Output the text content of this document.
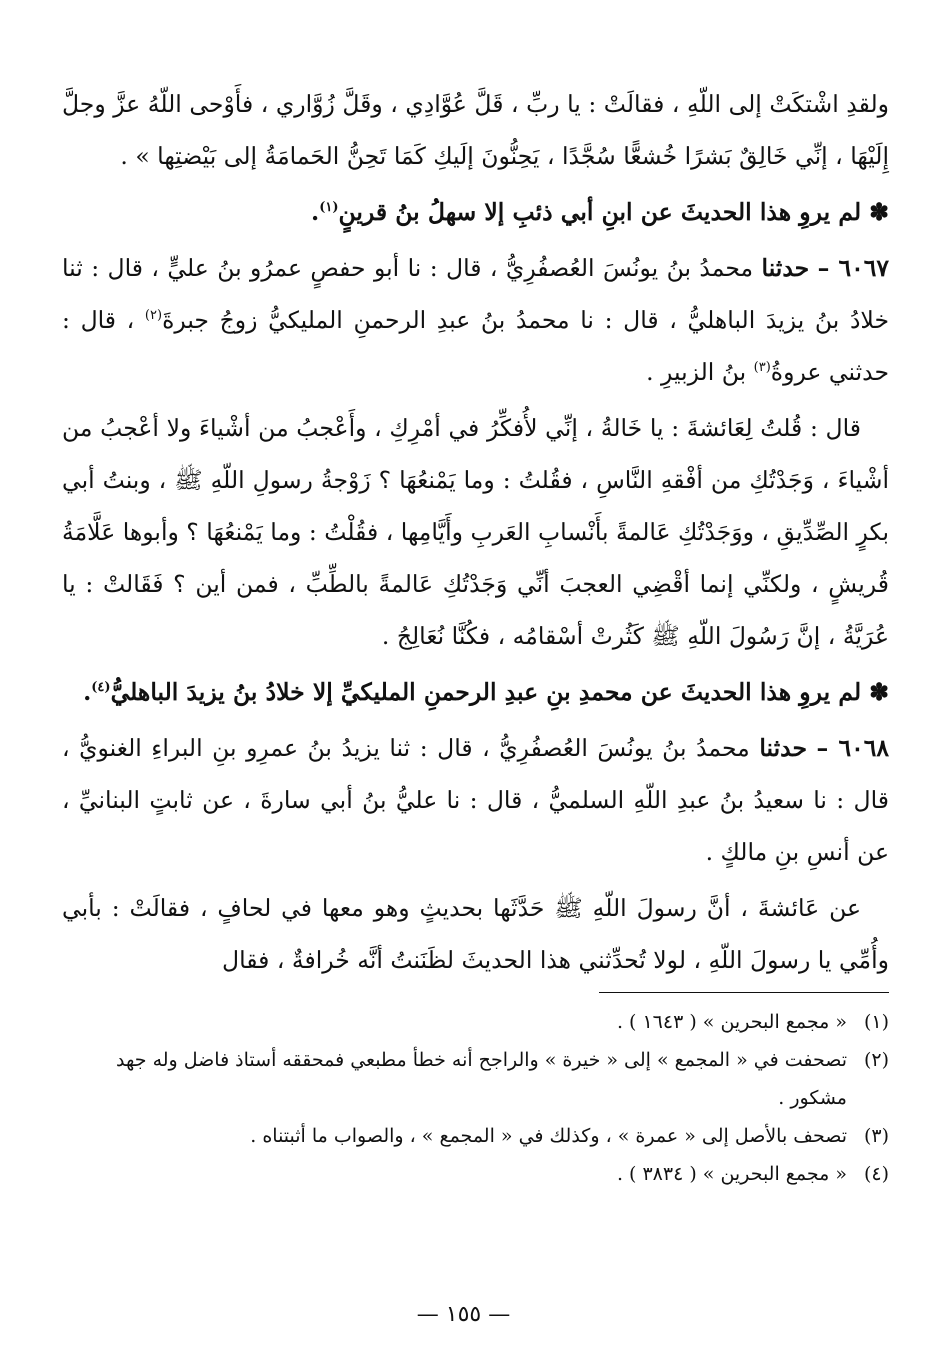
ولقدِ اشْتكَتْ إلى اللّهِ ، فقالَتْ : يا ربِّ ، قَلَّ عُوَّادِي ، وقَلَّ زُوَّاري ، فأَوْحى اللّهُ عزَّ وجلَّ إِلَيْهَا ، إنِّي خَالِقٌ بَشرًا خُشعًّا سُجَّدًا ، يَحِنُّونَ إلَيكِ كَمَا تَحِنُّ الحَمامَةُ إلى بَيْضتِها » .

✽ لم يروِ هذا الحديثَ عن ابنِ أبي ذئبِ إلا سهلُ بنُ قرينٍ$^{(١)}$.

٦٠٦٧ – حدثنا محمدُ بنُ يونُسَ العُصفُرِيُّ ، قال : نا أبو حفصٍ عمرُو بنُ عليٍّ ، قال : ثنا خلادُ بنُ يزيدَ الباهليُّ ، قال : نا محمدُ بنُ عبدِ الرحمنِ المليكيُّ زوجُ جبرةَ$^{(٢)}$ ، قال : حدثني عروةُ$^{(٣)}$ بنُ الزبيرِ .

قال : قُلتُ لِعَائشةَ : يا خَالةُ ، إنِّي لأُفكِّرُ في أمْرِكِ ، وأَعْجبُ من أشْياءَ ولا أعْجبُ من أشْياءَ ، وَجَدْتُكِ من أفْقهِ النَّاسِ ، فقُلتُ : وما يَمْنعُهَا ؟ زَوْجةُ رسولِ اللّهِ ﷺ ، وبنتُ أبي بكرٍ الصِّدِّيقِ ، ووَجَدْتُكِ عَالمةً بأَنْسابِ العَربِ وأَيَّامِها ، فقُلْتُ : وما يَمْنعُهَا ؟ وأبوها عَلَّامَةُ قُريشٍ ، ولكنِّي إنما أقْضِي العجبَ أنِّي وَجَدْتُكِ عَالمةً بالطِّبِّ ، فمن أين ؟ فَقَالتْ : يا عُرَيَّةُ ، إنَّ رَسُولَ اللّهِ ﷺ كَثُرتْ أسْقامُه ، فكُنَّا نُعَالِجُ .

✽ لم يروِ هذا الحديثَ عن محمدِ بنِ عبدِ الرحمنِ المليكيِّ إلا خلادُ بنُ يزيدَ الباهليُّ$^{(٤)}$.

٦٠٦٨ – حدثنا محمدُ بنُ يونُسَ العُصفُرِيُّ ، قال : ثنا يزيدُ بنُ عمرِو بنِ البراءِ الغنويُّ ، قال : نا سعيدُ بنُ عبدِ اللّهِ السلميُّ ، قال : نا عليُّ بنُ أبي سارةَ ، عن ثابتٍ البنانيِّ ، عن أنسِ بنِ مالكٍ .

عن عَائشةَ ، أنَّ رسولَ اللّهِ ﷺ حَدَّثَها بحديثٍ وهو معها في لحافٍ ، فقالَتْ : بأبي وأُمِّي يا رسولَ اللّهِ ، لولا تُحدِّثني هذا الحديثَ لظَنَنتُ أنَّه خُرافةٌ ، فقال

(١)
« مجمع البحرين » ( ١٦٤٣ ) .

(٢)
تصحفت في « المجمع » إلى « خيرة » والراجح أنه خطأ مطبعي فمحققه أستاذ فاضل وله جهد مشكور .

(٣)
تصحف بالأصل إلى « عمرة » ، وكذلك في « المجمع » ، والصواب ما أثبتناه .

(٤)
« مجمع البحرين » ( ٣٨٣٤ ) .

— ١٥٥ —
